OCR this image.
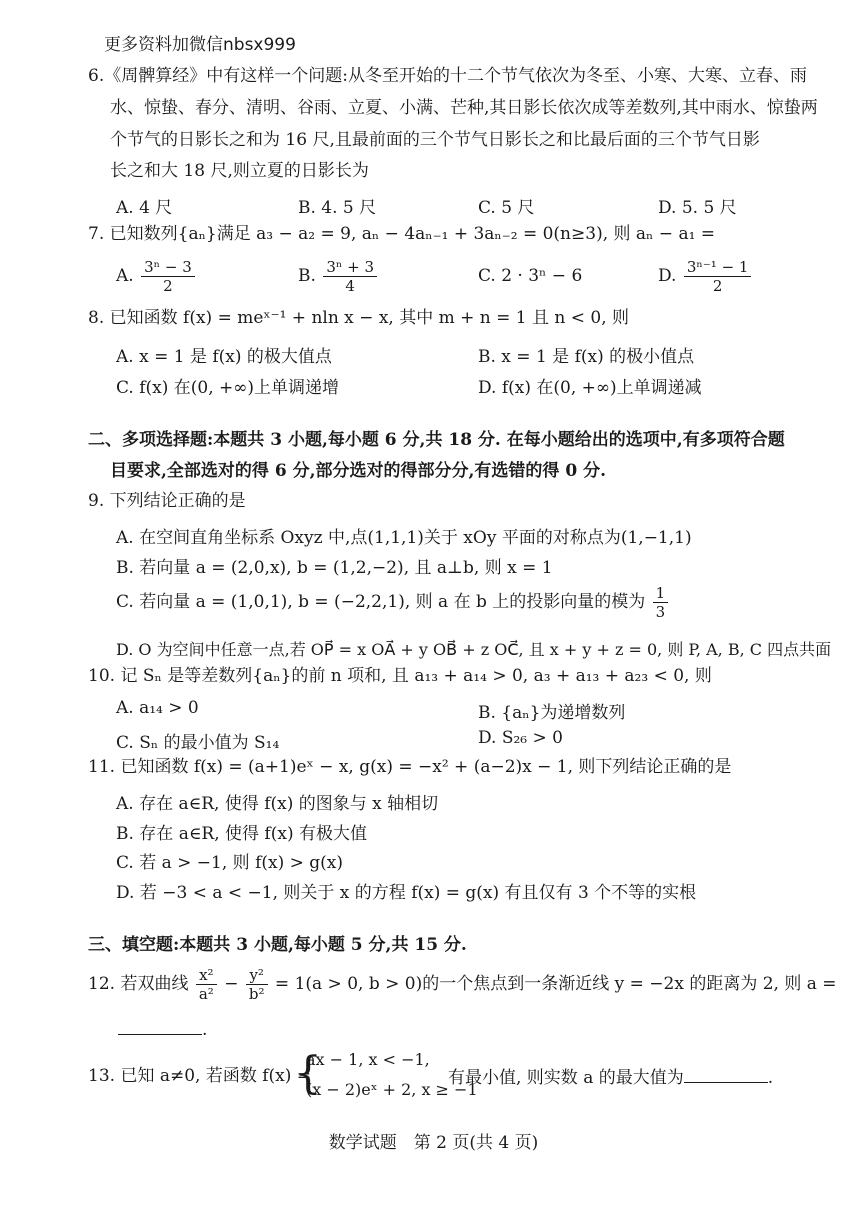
更多资料加微信nbsx999
6.《周髀算经》中有这样一个问题:从冬至开始的十二个节气依次为冬至、小寒、大寒、立春、雨
水、惊蛰、春分、清明、谷雨、立夏、小满、芒种,其日影长依次成等差数列,其中雨水、惊蛰两
个节气的日影长之和为 16 尺,且最前面的三个节气日影长之和比最后面的三个节气日影
长之和大 18 尺,则立夏的日影长为
A. 4 尺	B. 4. 5 尺	C. 5 尺	D. 5. 5 尺
7. 已知数列{aₙ}满足 a₃ − a₂ = 9, aₙ − 4aₙ₋₁ + 3aₙ₋₂ = 0(n≥3), 则 aₙ − a₁ =
A. $\frac{\text{3ⁿ − 3}}{2}$	B. $\frac{\text{3ⁿ + 3}}{4}$	C. 2 · 3ⁿ − 6	D. $\frac{\text{3ⁿ⁻¹ − 1}}{2}$
8. 已知函数 f(x) = meˣ⁻¹ + nln x − x, 其中 m + n = 1 且 n < 0, 则
A. x = 1 是 f(x) 的极大值点	B. x = 1 是 f(x) 的极小值点
C. f(x) 在(0, +∞)上单调递增	D. f(x) 在(0, +∞)上单调递减
二、多项选择题:本题共 3 小题,每小题 6 分,共 18 分. 在每小题给出的选项中,有多项符合题
目要求,全部选对的得 6 分,部分选对的得部分分,有选错的得 0 分.
9. 下列结论正确的是
A. 在空间直角坐标系 Oxyz 中,点(1,1,1)关于 xOy 平面的对称点为(1,−1,1)
B. 若向量 a = (2,0,x), b = (1,2,−2), 且 a⊥b, 则 x = 1
C. 若向量 a = (1,0,1), b = (−2,2,1), 则 a 在 b 上的投影向量的模为 $\frac{1}{3}$
D. O 为空间中任意一点,若 OP⃗ = x OA⃗ + y OB⃗ + z OC⃗, 且 x + y + z = 0, 则 P, A, B, C 四点共面
10. 记 Sₙ 是等差数列{aₙ}的前 n 项和, 且 a₁₃ + a₁₄ > 0, a₃ + a₁₃ + a₂₃ < 0, 则
A. a₁₄ > 0	B. {aₙ}为递增数列
C. Sₙ 的最小值为 S₁₄	D. S₂₆ > 0
11. 已知函数 f(x) = (a+1)eˣ − x, g(x) = −x² + (a−2)x − 1, 则下列结论正确的是
A. 存在 a∈R, 使得 f(x) 的图象与 x 轴相切
B. 存在 a∈R, 使得 f(x) 有极大值
C. 若 a > −1, 则 f(x) > g(x)
D. 若 −3 < a < −1, 则关于 x 的方程 f(x) = g(x) 有且仅有 3 个不等的实根
三、填空题:本题共 3 小题,每小题 5 分,共 15 分.
12. 若双曲线 $\frac{\text{x²}}{\text{a²}} - \frac{\text{y²}}{\text{b²}} = 1(a > 0$, b > 0)的一个焦点到一条渐近线 y = −2x 的距离为 2, 则 a =
.
13. 已知 a≠0, 若函数 f(x) =
{
ax − 1, x < −1,
(x − 2)eˣ + 2, x ≥ −1
有最小值, 则实数 a 的最大值为	.
数学试题　第 2 页(共 4 页)
